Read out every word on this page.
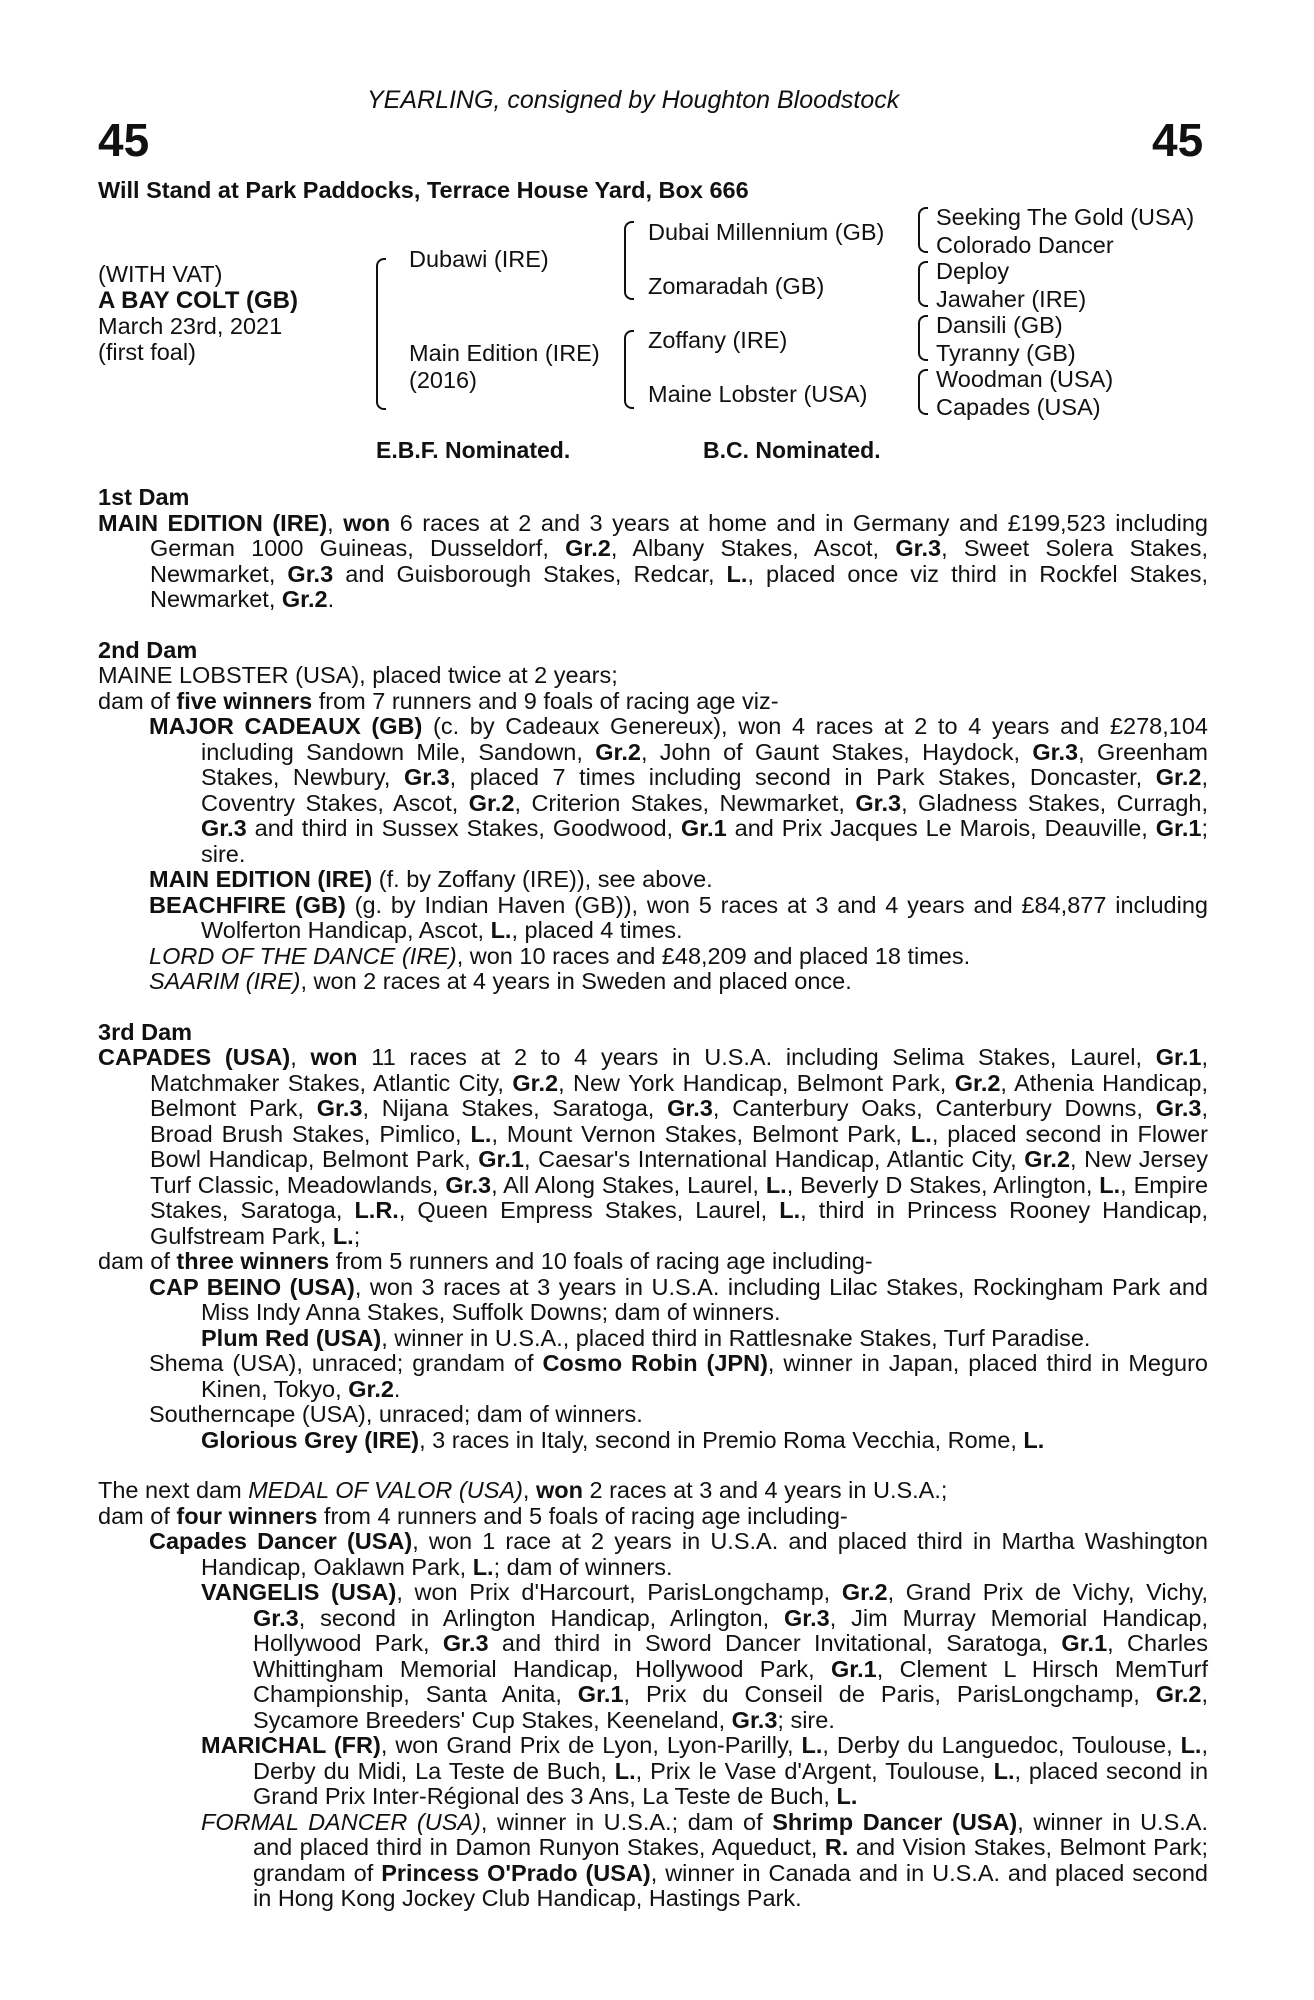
YEARLING, consigned by Houghton Bloodstock
45	45
Will Stand at Park Paddocks, Terrace House Yard, Box 666
(WITH VAT)
A BAY COLT (GB)
March 23rd, 2021
(first foal)
Dubawi (IRE)
Main Edition (IRE)
(2016)
Dubai Millennium (GB)
Zomaradah (GB)
Zoffany (IRE)
Maine Lobster (USA)
Seeking The Gold (USA)
Colorado Dancer
Deploy
Jawaher (IRE)
Dansili (GB)
Tyranny (GB)
Woodman (USA)
Capades (USA)
E.B.F. Nominated.	B.C. Nominated.

1st Dam

MAIN EDITION (IRE), won 6 races at 2 and 3 years at home and in Germany and £199,523 including German 1000 Guineas, Dusseldorf, Gr.2, Albany Stakes, Ascot, Gr.3, Sweet Solera Stakes, Newmarket, Gr.3 and Guisborough Stakes, Redcar, L., placed once viz third in Rockfel Stakes, Newmarket, Gr.2.

2nd Dam

MAINE LOBSTER (USA), placed twice at 2 years;

dam of five winners from 7 runners and 9 foals of racing age viz-

MAJOR CADEAUX (GB) (c. by Cadeaux Genereux), won 4 races at 2 to 4 years and £278,104 including Sandown Mile, Sandown, Gr.2, John of Gaunt Stakes, Haydock, Gr.3, Greenham Stakes, Newbury, Gr.3, placed 7 times including second in Park Stakes, Doncaster, Gr.2, Coventry Stakes, Ascot, Gr.2, Criterion Stakes, Newmarket, Gr.3, Gladness Stakes, Curragh, Gr.3 and third in Sussex Stakes, Goodwood, Gr.1 and Prix Jacques Le Marois, Deauville, Gr.1; sire.

MAIN EDITION (IRE) (f. by Zoffany (IRE)), see above.

BEACHFIRE (GB) (g. by Indian Haven (GB)), won 5 races at 3 and 4 years and £84,877 including Wolferton Handicap, Ascot, L., placed 4 times.

LORD OF THE DANCE (IRE), won 10 races and £48,209 and placed 18 times.

SAARIM (IRE), won 2 races at 4 years in Sweden and placed once.

3rd Dam

CAPADES (USA), won 11 races at 2 to 4 years in U.S.A. including Selima Stakes, Laurel, Gr.1, Matchmaker Stakes, Atlantic City, Gr.2, New York Handicap, Belmont Park, Gr.2, Athenia Handicap, Belmont Park, Gr.3, Nijana Stakes, Saratoga, Gr.3, Canterbury Oaks, Canterbury Downs, Gr.3, Broad Brush Stakes, Pimlico, L., Mount Vernon Stakes, Belmont Park, L., placed second in Flower Bowl Handicap, Belmont Park, Gr.1, Caesar's International Handicap, Atlantic City, Gr.2, New Jersey Turf Classic, Meadowlands, Gr.3, All Along Stakes, Laurel, L., Beverly D Stakes, Arlington, L., Empire Stakes, Saratoga, L.R., Queen Empress Stakes, Laurel, L., third in Princess Rooney Handicap, Gulfstream Park, L.;

dam of three winners from 5 runners and 10 foals of racing age including-

CAP BEINO (USA), won 3 races at 3 years in U.S.A. including Lilac Stakes, Rockingham Park and Miss Indy Anna Stakes, Suffolk Downs; dam of winners.

Plum Red (USA), winner in U.S.A., placed third in Rattlesnake Stakes, Turf Paradise.

Shema (USA), unraced; grandam of Cosmo Robin (JPN), winner in Japan, placed third in Meguro Kinen, Tokyo, Gr.2.

Southerncape (USA), unraced; dam of winners.

Glorious Grey (IRE), 3 races in Italy, second in Premio Roma Vecchia, Rome, L.

The next dam MEDAL OF VALOR (USA), won 2 races at 3 and 4 years in U.S.A.;

dam of four winners from 4 runners and 5 foals of racing age including-

Capades Dancer (USA), won 1 race at 2 years in U.S.A. and placed third in Martha Washington Handicap, Oaklawn Park, L.; dam of winners.

VANGELIS (USA), won Prix d'Harcourt, ParisLongchamp, Gr.2, Grand Prix de Vichy, Vichy, Gr.3, second in Arlington Handicap, Arlington, Gr.3, Jim Murray Memorial Handicap, Hollywood Park, Gr.3 and third in Sword Dancer Invitational, Saratoga, Gr.1, Charles Whittingham Memorial Handicap, Hollywood Park, Gr.1, Clement L Hirsch MemTurf Championship, Santa Anita, Gr.1, Prix du Conseil de Paris, ParisLongchamp, Gr.2, Sycamore Breeders' Cup Stakes, Keeneland, Gr.3; sire.

MARICHAL (FR), won Grand Prix de Lyon, Lyon-Parilly, L., Derby du Languedoc, Toulouse, L., Derby du Midi, La Teste de Buch, L., Prix le Vase d'Argent, Toulouse, L., placed second in Grand Prix Inter-Régional des 3 Ans, La Teste de Buch, L.

FORMAL DANCER (USA), winner in U.S.A.; dam of Shrimp Dancer (USA), winner in U.S.A. and placed third in Damon Runyon Stakes, Aqueduct, R. and Vision Stakes, Belmont Park; grandam of Princess O'Prado (USA), winner in Canada and in U.S.A. and placed second in Hong Kong Jockey Club Handicap, Hastings Park.
